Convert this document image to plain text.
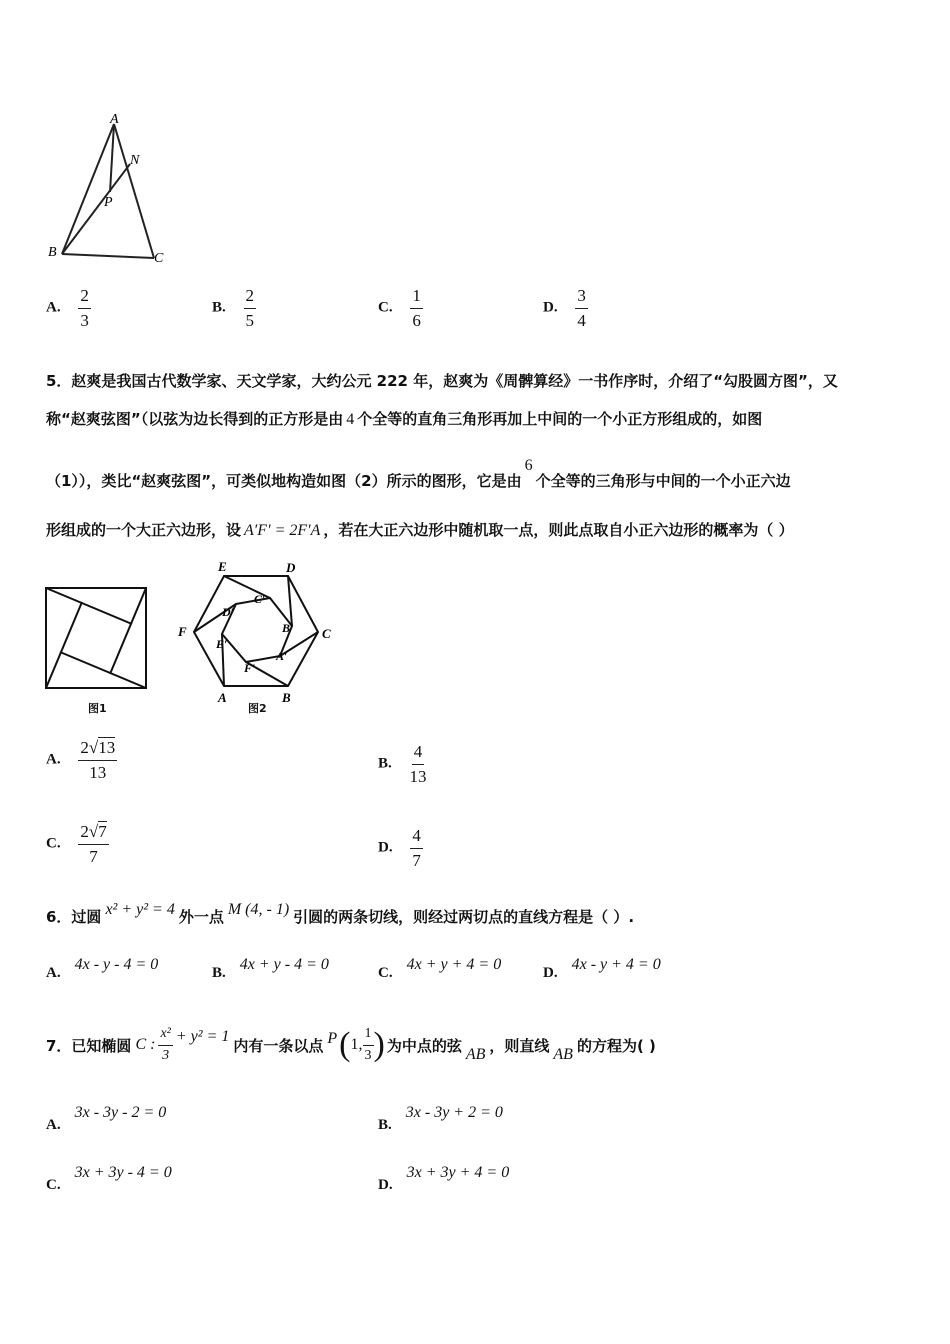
A
N
P
B	C
A. $\frac{2}{3}$	B. $\frac{2}{5}$	C. $\frac{1}{6}$	D. $\frac{3}{4}$
5．赵爽是我国古代数学家、天文学家，大约公元 222 年，赵爽为《周髀算经》一书作序时，介绍了“勾股圆方图”，又
称“赵爽弦图”（以弦为边长得到的正方形是由 4 个全等的直角三角形再加上中间的一个小正方形组成的，如图
（1）），类比“赵爽弦图”，可类似地构造如图（2）所示的图形，它是由6个全等的三角形与中间的一个小正六边
形组成的一个大正六边形，设 A′F′ = 2F′A ，若在大正六边形中随机取一点，则此点取自小正六边形的概率为（ ）
图1
E	D
C
B
A
F
D′
C′
B′
A′
F′
E′
图2
A. $\frac{2√13}{13}$	B. $\frac{4}{13}$
C. $\frac{2√7}{7}$	D. $\frac{4}{7}$
6．过圆 x² + y² = 4 外一点 M (4, - 1) 引圆的两条切线，则经过两切点的直线方程是（ ）.
A. 4x - y - 4 = 0	B. 4x + y - 4 = 0	C. 4x + y + 4 = 0	D. 4x - y + 4 = 0
7．已知椭圆 C : $\frac{\text{x²}}{3} + y^2 = 1$ 内有一条以点 P ( 1, $\frac{1}{3}$ ) 为中点的弦 AB ，则直线 AB 的方程为( )
A.3x - 3y - 2 = 0
B.3x - 3y + 2 = 0
C.3x + 3y - 4 = 0
D.3x + 3y + 4 = 0
